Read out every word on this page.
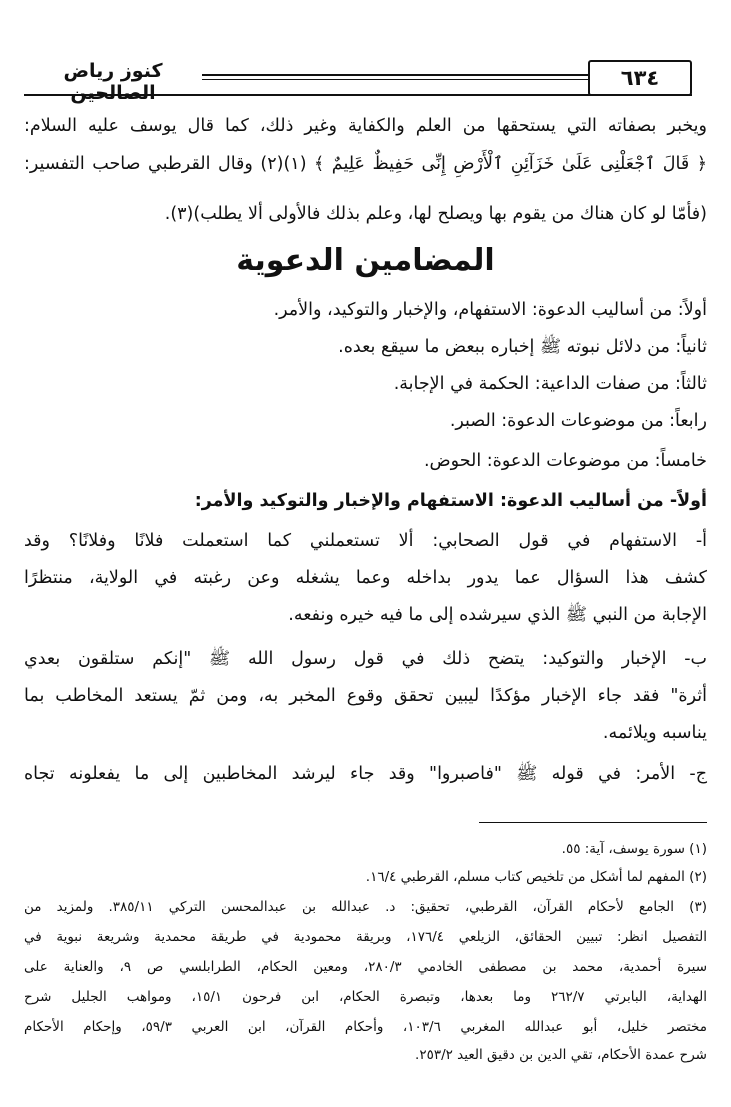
٦٣٤
كنوز رياض الصالحين
ويخبر بصفاته التي يستحقها من العلم والكفاية وغير ذلك، كما قال يوسف عليه السلام:
﴿ قَالَ ٱجْعَلْنِى عَلَىٰ خَزَآئِنِ ٱلْأَرْضِ إِنِّى حَفِيظٌ عَلِيمٌ ﴾ (١)(٢) وقال القرطبي صاحب التفسير:
(فأمّا لو كان هناك من يقوم بها ويصلح لها، وعلم بذلك فالأولى ألا يطلب)(٣).
المضامين الدعوية
أولاً: من أساليب الدعوة: الاستفهام، والإخبار والتوكيد، والأمر.
ثانياً: من دلائل نبوته ﷺ إخباره ببعض ما سيقع بعده.
ثالثاً: من صفات الداعية: الحكمة في الإجابة.
رابعاً: من موضوعات الدعوة: الصبر.
خامساً: من موضوعات الدعوة: الحوض.
أولاً- من أساليب الدعوة: الاستفهام والإخبار والتوكيد والأمر:
أ- الاستفهام في قول الصحابي: ألا تستعملني كما استعملت فلانًا وفلانًا؟ وقد
كشف هذا السؤال عما يدور بداخله وعما يشغله وعن رغبته في الولاية، منتظرًا
الإجابة من النبي ﷺ الذي سيرشده إلى ما فيه خيره ونفعه.
ب- الإخبار والتوكيد: يتضح ذلك في قول رسول الله ﷺ "إنكم ستلقون بعدي
أثرة" فقد جاء الإخبار مؤكدًا ليبين تحقق وقوع المخبر به، ومن ثمّ يستعد المخاطب بما
يناسبه ويلائمه.
ج- الأمر: في قوله ﷺ "فاصبروا" وقد جاء ليرشد المخاطبين إلى ما يفعلونه تجاه
(١) سورة يوسف، آية: ٥٥.
(٢) المفهم لما أشكل من تلخيص كتاب مسلم، القرطبي ١٦/٤.
(٣) الجامع لأحكام القرآن، القرطبي، تحقيق: د. عبدالله بن عبدالمحسن التركي ٣٨٥/١١. ولمزيد من
التفصيل انظر: تبيين الحقائق، الزيلعي ١٧٦/٤، وبريقة محمودية في طريقة محمدية وشريعة نبوية في
سيرة أحمدية، محمد بن مصطفى الخادمي ٢٨٠/٣، ومعين الحكام، الطرابلسي ص ٩، والعناية على
الهداية، البابرتي ٢٦٢/٧ وما بعدها، وتبصرة الحكام، ابن فرحون ١٥/١، ومواهب الجليل شرح
مختصر خليل، أبو عبدالله المغربي ١٠٣/٦، وأحكام القرآن، ابن العربي ٥٩/٣، وإحكام الأحكام
شرح عمدة الأحكام، تقي الدين بن دقيق العيد ٢٥٣/٢.
